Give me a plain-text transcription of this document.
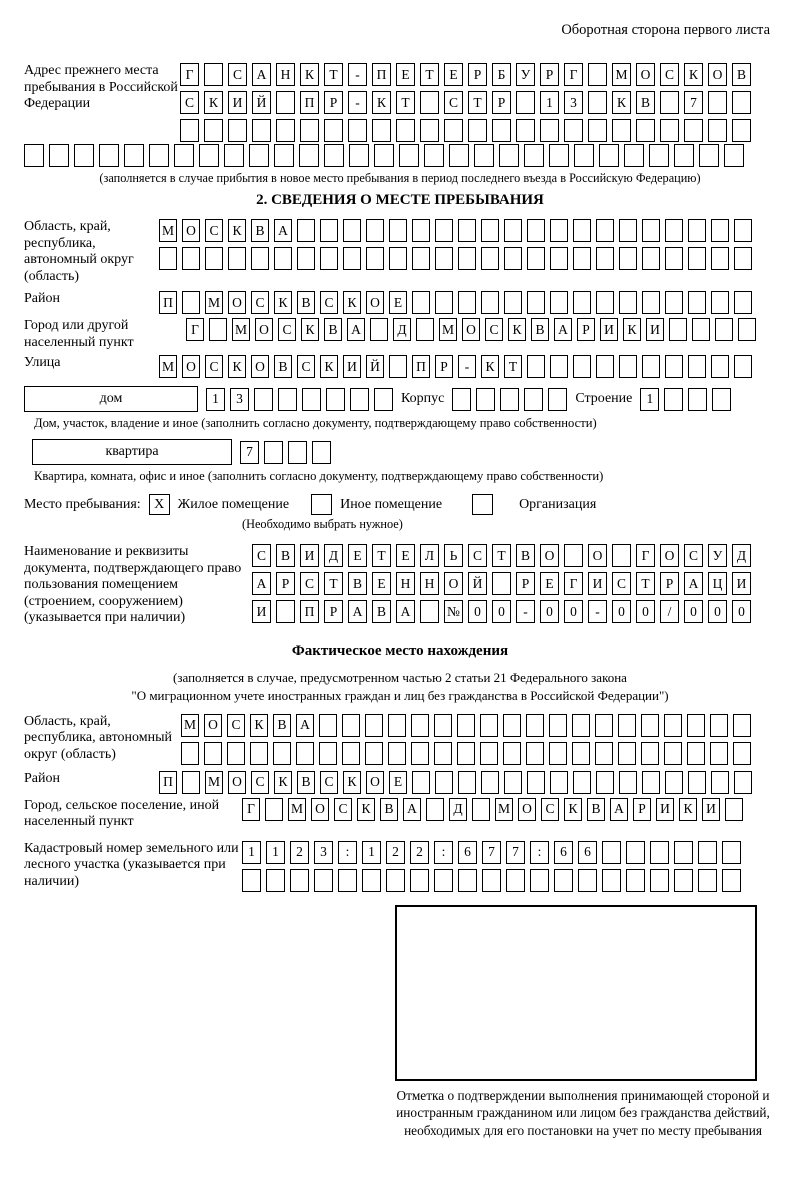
Оборотная сторона первого листа
Адрес прежнего места пребывания в Российской Федерации
Г	С	А	Н	К	Т	-	П	Е	Т	Е	Р	Б	У	Р	Г	М О	С	К	О	В
С	К	И	Й	П	Р	-	К	Т	С	Т	Р	1	3	К	В	7
(заполняется в случае прибытия в новое место пребывания в период последнего въезда в Российскую Федерацию)
2. СВЕДЕНИЯ О МЕСТЕ ПРЕБЫВАНИЯ
Область, край, республика, автономный округ (область)
М О	С	К	В	А
Район	П	М О	С	К	В	С	К	О	Е
Город или другой населенный пункт
Г	М О	С	К	В	А	Д	М О	С	К	В	А	Р	И	К	И
Улица	М О	С	К	О	В	С	К	И Й	П	Р	-	К	Т
дом	1	3	Корпус	Строение	1
Дом, участок, владение и иное (заполнить согласно документу, подтверждающему право собственности)
квартира	7
Квартира, комната, офис и иное (заполнить согласно документу, подтверждающему право собственности)
Место пребывания: X Жилое помещение	Иное помещение	Организация
(Необходимо выбрать нужное)
Наименование и реквизиты документа, подтверждающего право пользования помещением (строением, сооружением) (указывается при наличии)
С	В	И	Д	Е	Т	Е	Л	Ь	С	Т	В	О	О	Г	О	С	У	Д
А	Р	С	Т	В	Е	Н	Н	О	Й	Р	Е	Г	И	С	Т	Р	А	Ц	И
И	П	Р	А	В	А	№	0	0	-	0	0	-	0	0	/	0	0	0
Фактическое место нахождения
(заполняется в случае, предусмотренном частью 2 статьи 21 Федерального закона
"О миграционном учете иностранных граждан и лиц без гражданства в Российской Федерации")
Область, край, республика, автономный округ (область)
М О	С	К	В	А
Район	П	М О	С	К	В	С	К	О	Е
Город, сельское поселение, иной населенный пункт
Г	М О	С	К	В	А	Д	М О	С	К	В	А	Р	И	К	И
Кадастровый номер земельного или лесного участка (указывается при наличии)
1	1	2	3	:	1	2	2	:	6	7	7	:	6	6
Отметка о подтверждении выполнения принимающей стороной и иностранным гражданином или лицом без гражданства действий, необходимых для его постановки на учет по месту пребывания
